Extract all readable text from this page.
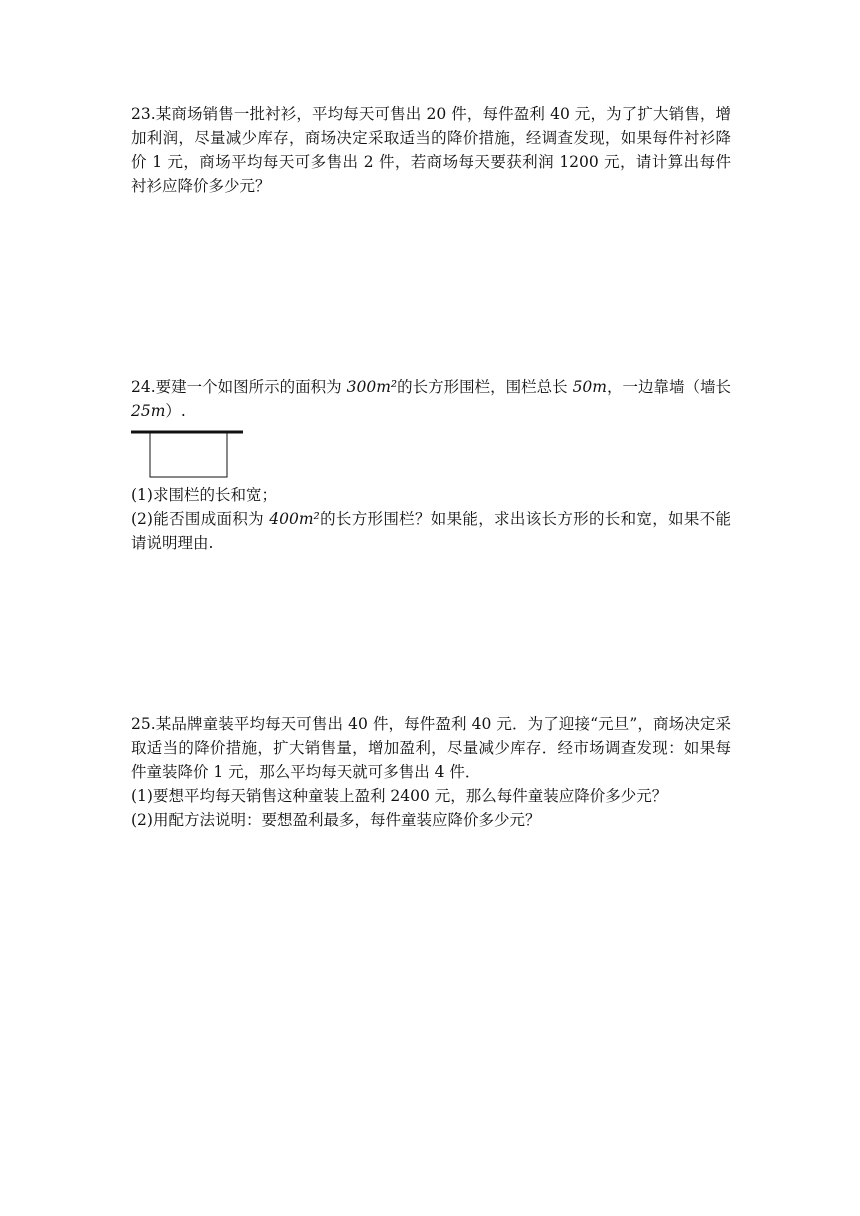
23.某商场销售一批衬衫，平均每天可售出 20 件，每件盈利 40 元，为了扩大销售，增加利润，尽量减少库存，商场决定采取适当的降价措施，经调查发现，如果每件衬衫降价 1 元，商场平均每天可多售出 2 件，若商场每天要获利润 1200 元，请计算出每件衬衫应降价多少元？

24.要建一个如图所示的面积为 300m²的长方形围栏，围栏总长 50m，一边靠墙（墙长 25m）.

(1)求围栏的长和宽；

(2)能否围成面积为 400m²的长方形围栏？如果能，求出该长方形的长和宽，如果不能请说明理由.

25.某品牌童装平均每天可售出 40 件，每件盈利 40 元．为了迎接“元旦”，商场决定采取适当的降价措施，扩大销售量，增加盈利，尽量减少库存．经市场调查发现：如果每件童装降价 1 元，那么平均每天就可多售出 4 件．

(1)要想平均每天销售这种童装上盈利 2400 元，那么每件童装应降价多少元？

(2)用配方法说明：要想盈利最多，每件童装应降价多少元？
